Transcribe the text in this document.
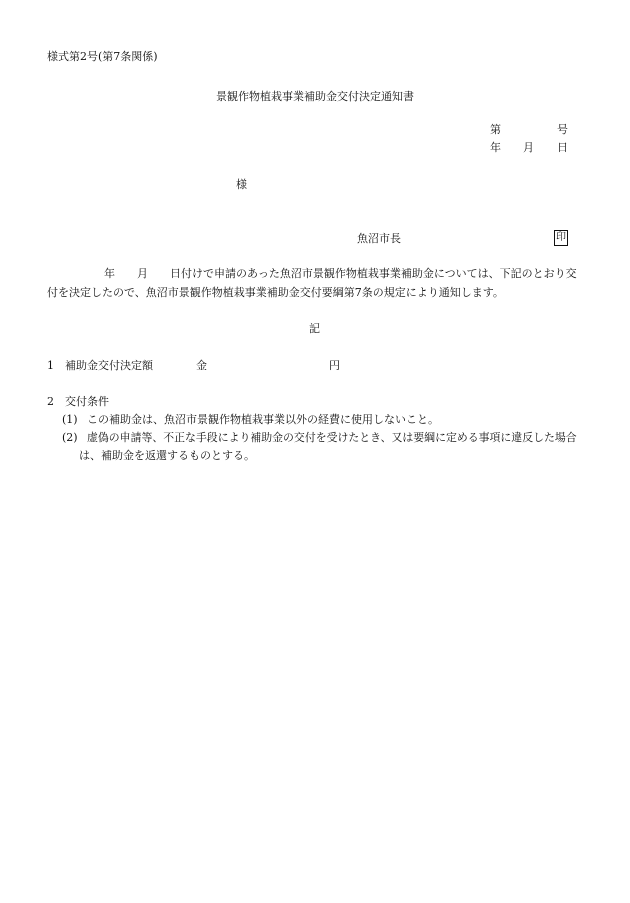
様式第2号(第7条関係)
景観作物植栽事業補助金交付決定通知書
第	号
年 月 日
様
魚沼市長	印
年 月 日付けで申請のあった魚沼市景観作物植栽事業補助金については、下記のとおり交
付を決定したので、魚沼市景観作物植栽事業補助金交付要綱第7条の規定により通知します。
記
1　補助金交付決定額	金	円
2　交付条件
(1) この補助金は、魚沼市景観作物植栽事業以外の経費に使用しないこと。
(2) 虚偽の申請等、不正な手段により補助金の交付を受けたとき、又は要綱に定める事項に違反した場合
は、補助金を返還するものとする。
